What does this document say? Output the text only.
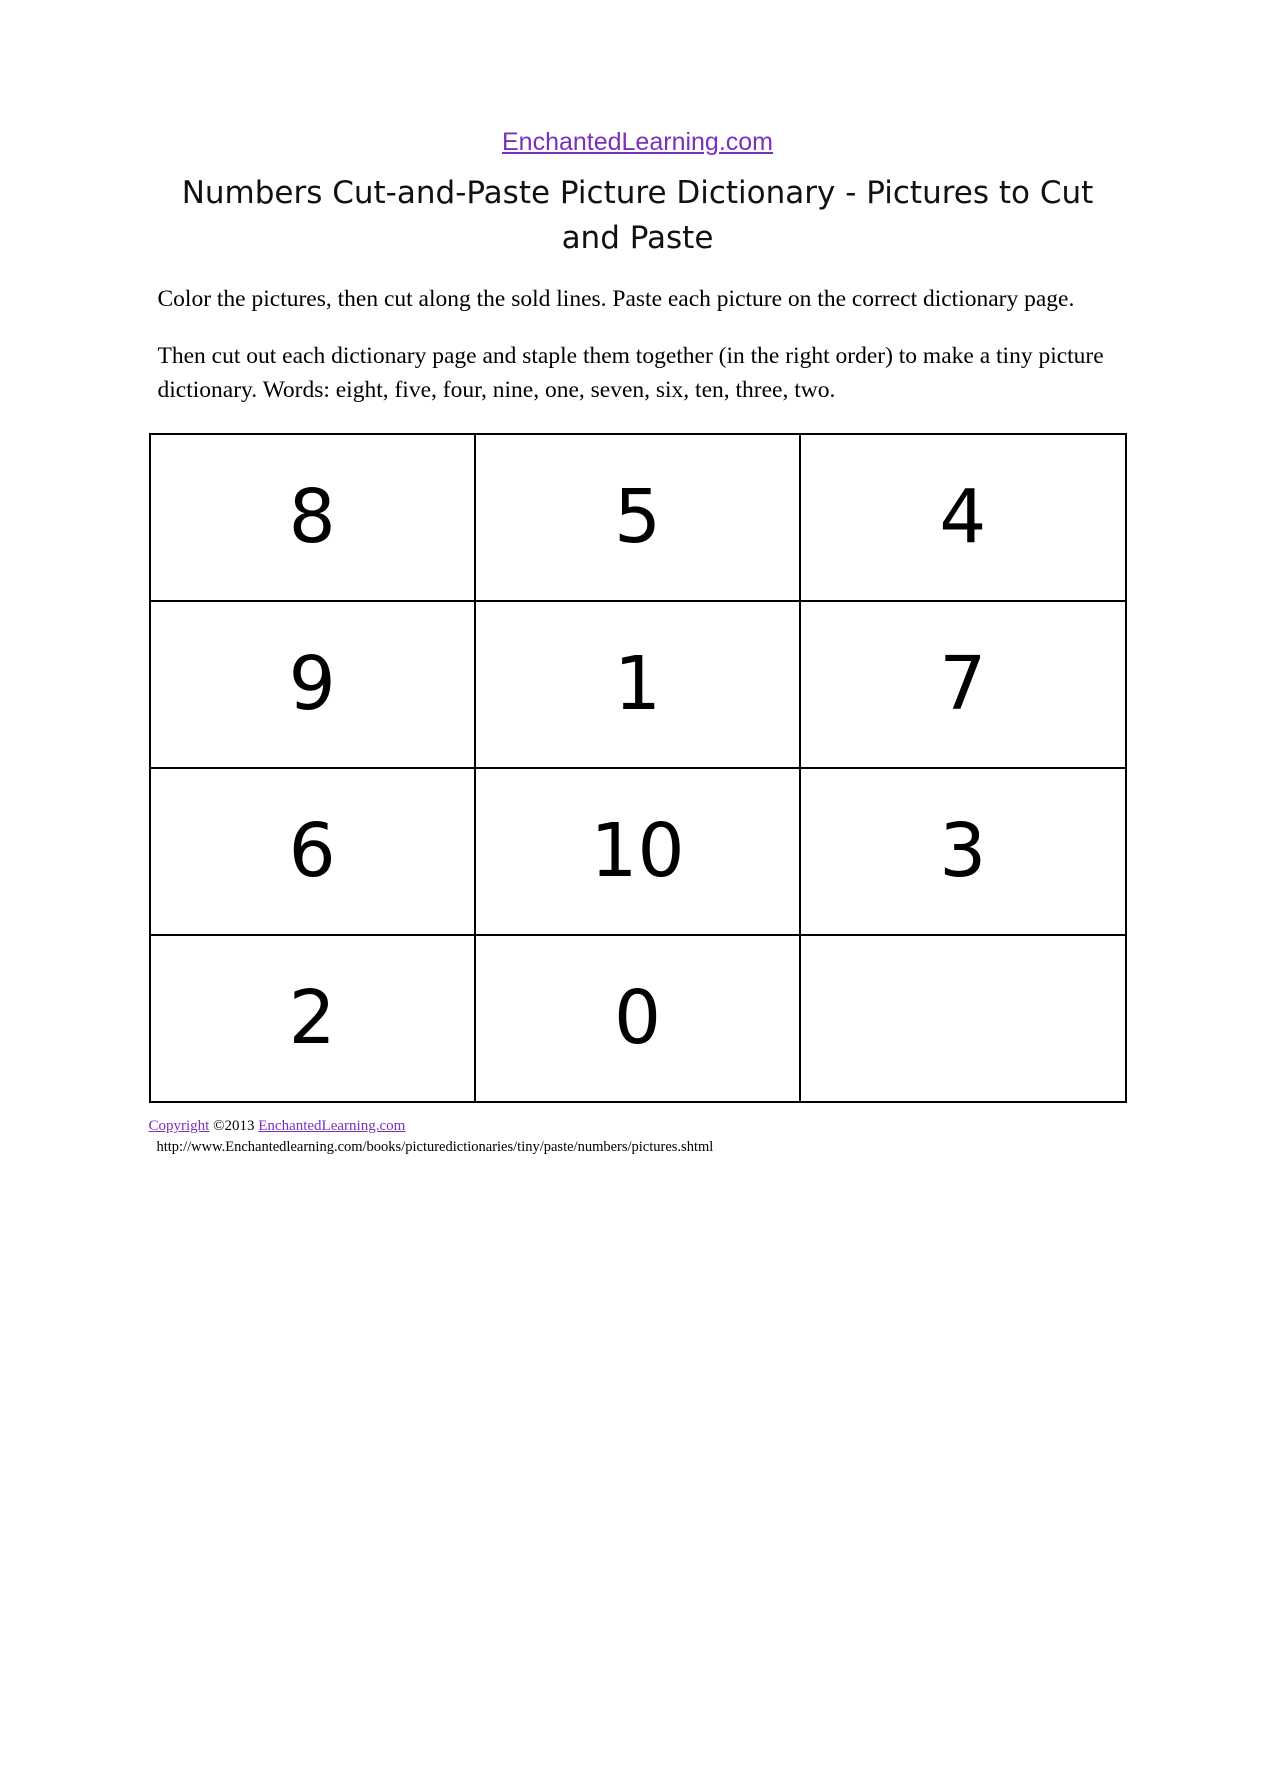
EnchantedLearning.com
Numbers Cut-and-Paste Picture Dictionary - Pictures to Cut and Paste

Color the pictures, then cut along the sold lines. Paste each picture on the correct dictionary page.

Then cut out each dictionary page and staple them together (in the right order) to make a tiny picture dictionary. Words: eight, five, four, nine, one, seven, six, ten, three, two.

8	5	4

9	1	7

6	10	3

2	0	

Copyright ©2013 EnchantedLearning.com
http://www.Enchantedlearning.com/books/picturedictionaries/tiny/paste/numbers/pictures.shtml
